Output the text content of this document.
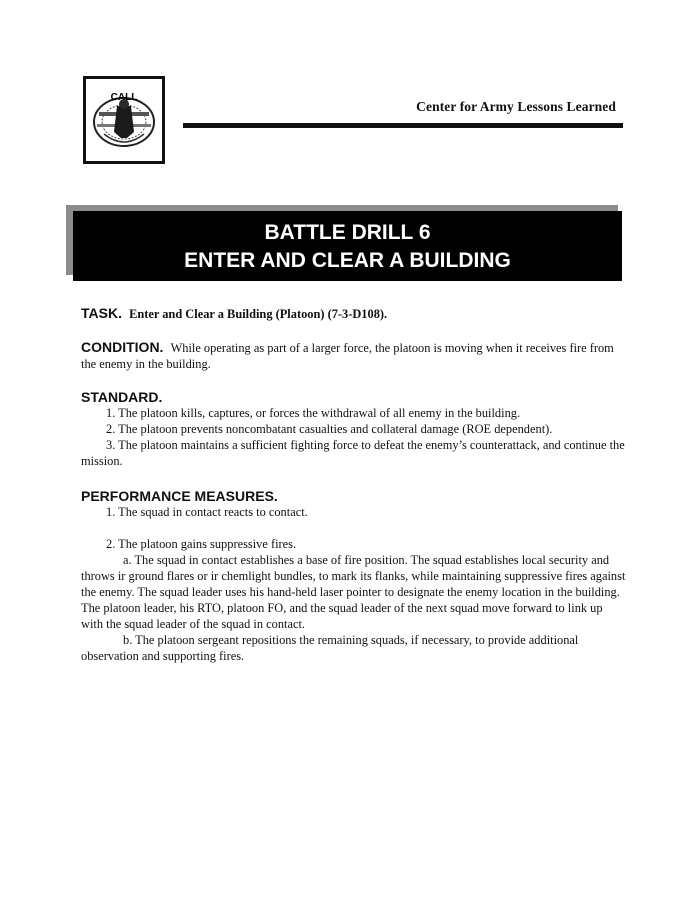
CALL
Center for Army Lessons Learned
BATTLE DRILL 6
ENTER AND CLEAR A BUILDING

TASK. Enter and Clear a Building (Platoon) (7-3-D108).

CONDITION. While operating as part of a larger force, the platoon is moving when it receives fire from the enemy in the building.

STANDARD.

1. The platoon kills, captures, or forces the withdrawal of all enemy in the building.

2. The platoon prevents noncombatant casualties and collateral damage (ROE dependent).

3. The platoon maintains a sufficient fighting force to defeat the enemy’s counterattack, and continue the mission.

PERFORMANCE MEASURES.

1. The squad in contact reacts to contact.

2. The platoon gains suppressive fires.

a. The squad in contact establishes a base of fire position. The squad establishes local security and throws ir ground flares or ir chemlight bundles, to mark its flanks, while maintaining suppressive fires against the enemy. The squad leader uses his hand-held laser pointer to designate the enemy location in the building. The platoon leader, his RTO, platoon FO, and the squad leader of the next squad move forward to link up with the squad leader of the squad in contact.

b. The platoon sergeant repositions the remaining squads, if necessary, to provide additional observation and supporting fires.
